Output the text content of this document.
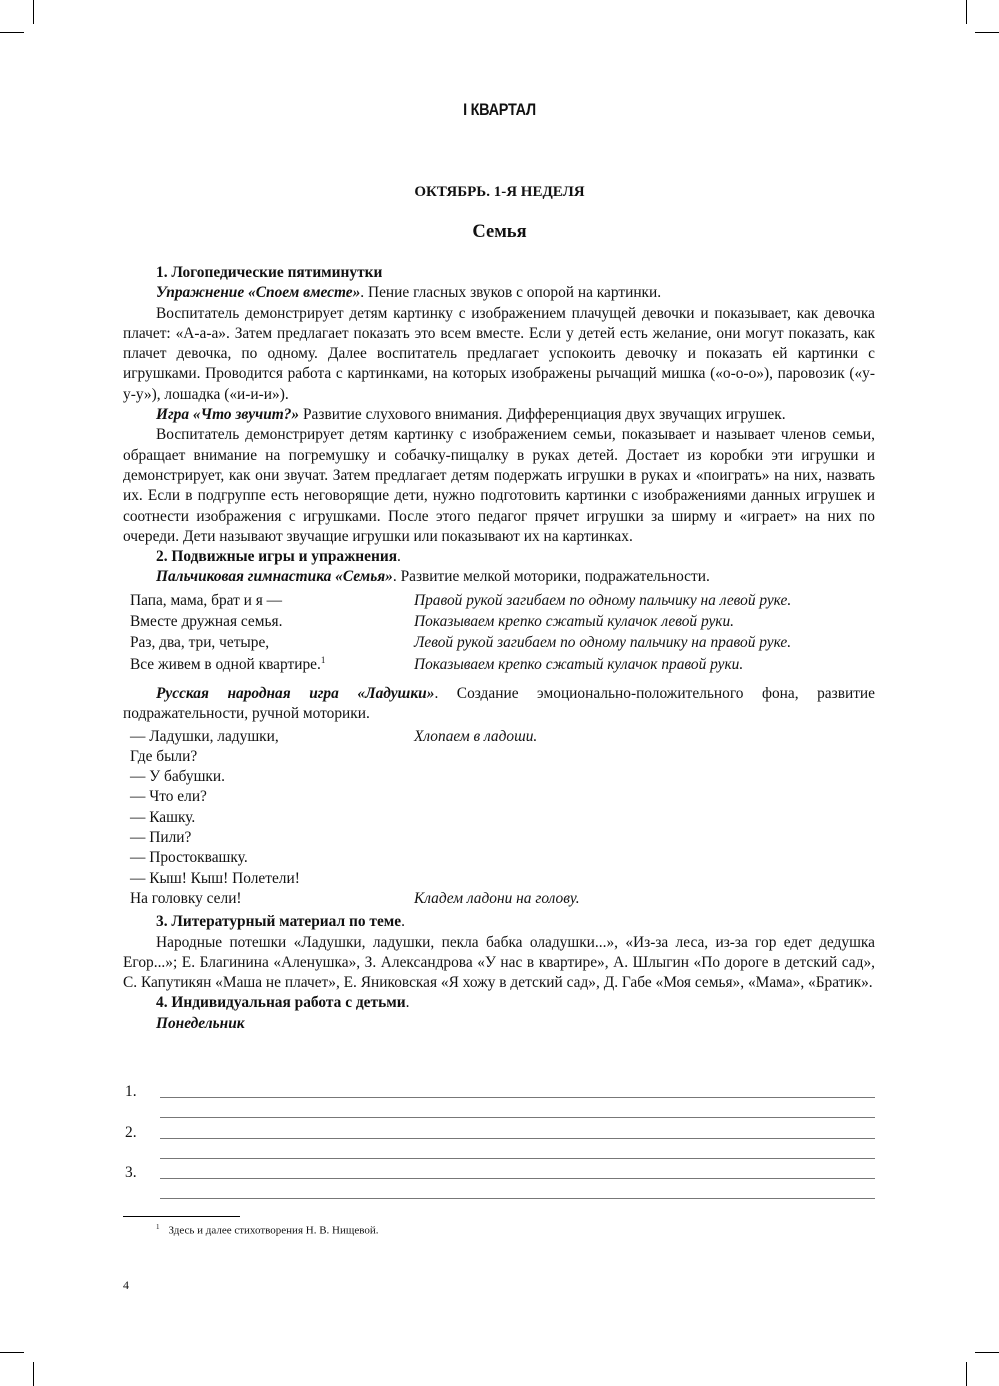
I КВАРТАЛ
ОКТЯБРЬ. 1-Я НЕДЕЛЯ
Семья

1. Логопедические пятиминутки

Упражнение «Споем вместе». Пение гласных звуков с опорой на картинки.

Воспитатель демонстрирует детям картинку с изображением плачущей девочки и показывает, как девочка плачет: «А-а-а». Затем предлагает показать это всем вместе. Если у детей есть желание, они могут показать, как плачет девочка, по одному. Далее воспитатель предлагает успокоить девочку и показать ей картинки с игрушками. Проводится работа с картинками, на которых изображены рычащий мишка («о-о-о»), паровозик («у-у-у»), лошадка («и-и-и»).

Игра «Что звучит?» Развитие слухового внимания. Дифференциация двух звучащих игрушек.

Воспитатель демонстрирует детям картинку с изображением семьи, показывает и называет членов семьи, обращает внимание на погремушку и собачку-пищалку в руках детей. Достает из коробки эти игрушки и демонстрирует, как они звучат. Затем предлагает детям подержать игрушки в руках и «поиграть» на них, назвать их. Если в подгруппе есть неговорящие дети, нужно подготовить картинки с изображениями данных игрушек и соотнести изображения с игрушками. После этого педагог прячет игрушки за ширму и «играет» на них по очереди. Дети называют звучащие игрушки или показывают их на картинках.

2. Подвижные игры и упражнения.

Пальчиковая гимнастика «Семья». Развитие мелкой моторики, подражательности.

Папа, мама, брат и я —	Правой рукой загибаем по одному пальчику на левой руке.
Вместе дружная семья.	Показываем крепко сжатый кулачок левой руки.
Раз, два, три, четыре,	Левой рукой загибаем по одному пальчику на правой руке.
Все живем в одной квартире.$^1$	Показываем крепко сжатый кулачок правой руки.

Русская народная игра «Ладушки». Создание эмоционально-положительного фона, развитие подражательности, ручной моторики.

— Ладушки, ладушки,	Хлопаем в ладоши.
Где были?
— У бабушки.
— Что ели?
— Кашку.
— Пили?
— Простоквашку.
— Кыш! Кыш! Полетели!
На головку сели!	Кладем ладони на голову.

3. Литературный материал по теме.

Народные потешки «Ладушки, ладушки, пекла бабка оладушки...», «Из-за леса, из-за гор едет дедушка Егор...»; Е. Благинина «Аленушка», З. Александрова «У нас в квартире», А. Шлыгин «По дороге в детский сад», С. Капутикян «Маша не плачет», Е. Яниковская «Я хожу в детский сад», Д. Габе «Моя семья», «Мама», «Братик».

4. Индивидуальная работа с детьми.

Понедельник

1.
2.
3.
$^1$ Здесь и далее стихотворения Н. В. Нищевой.
4
